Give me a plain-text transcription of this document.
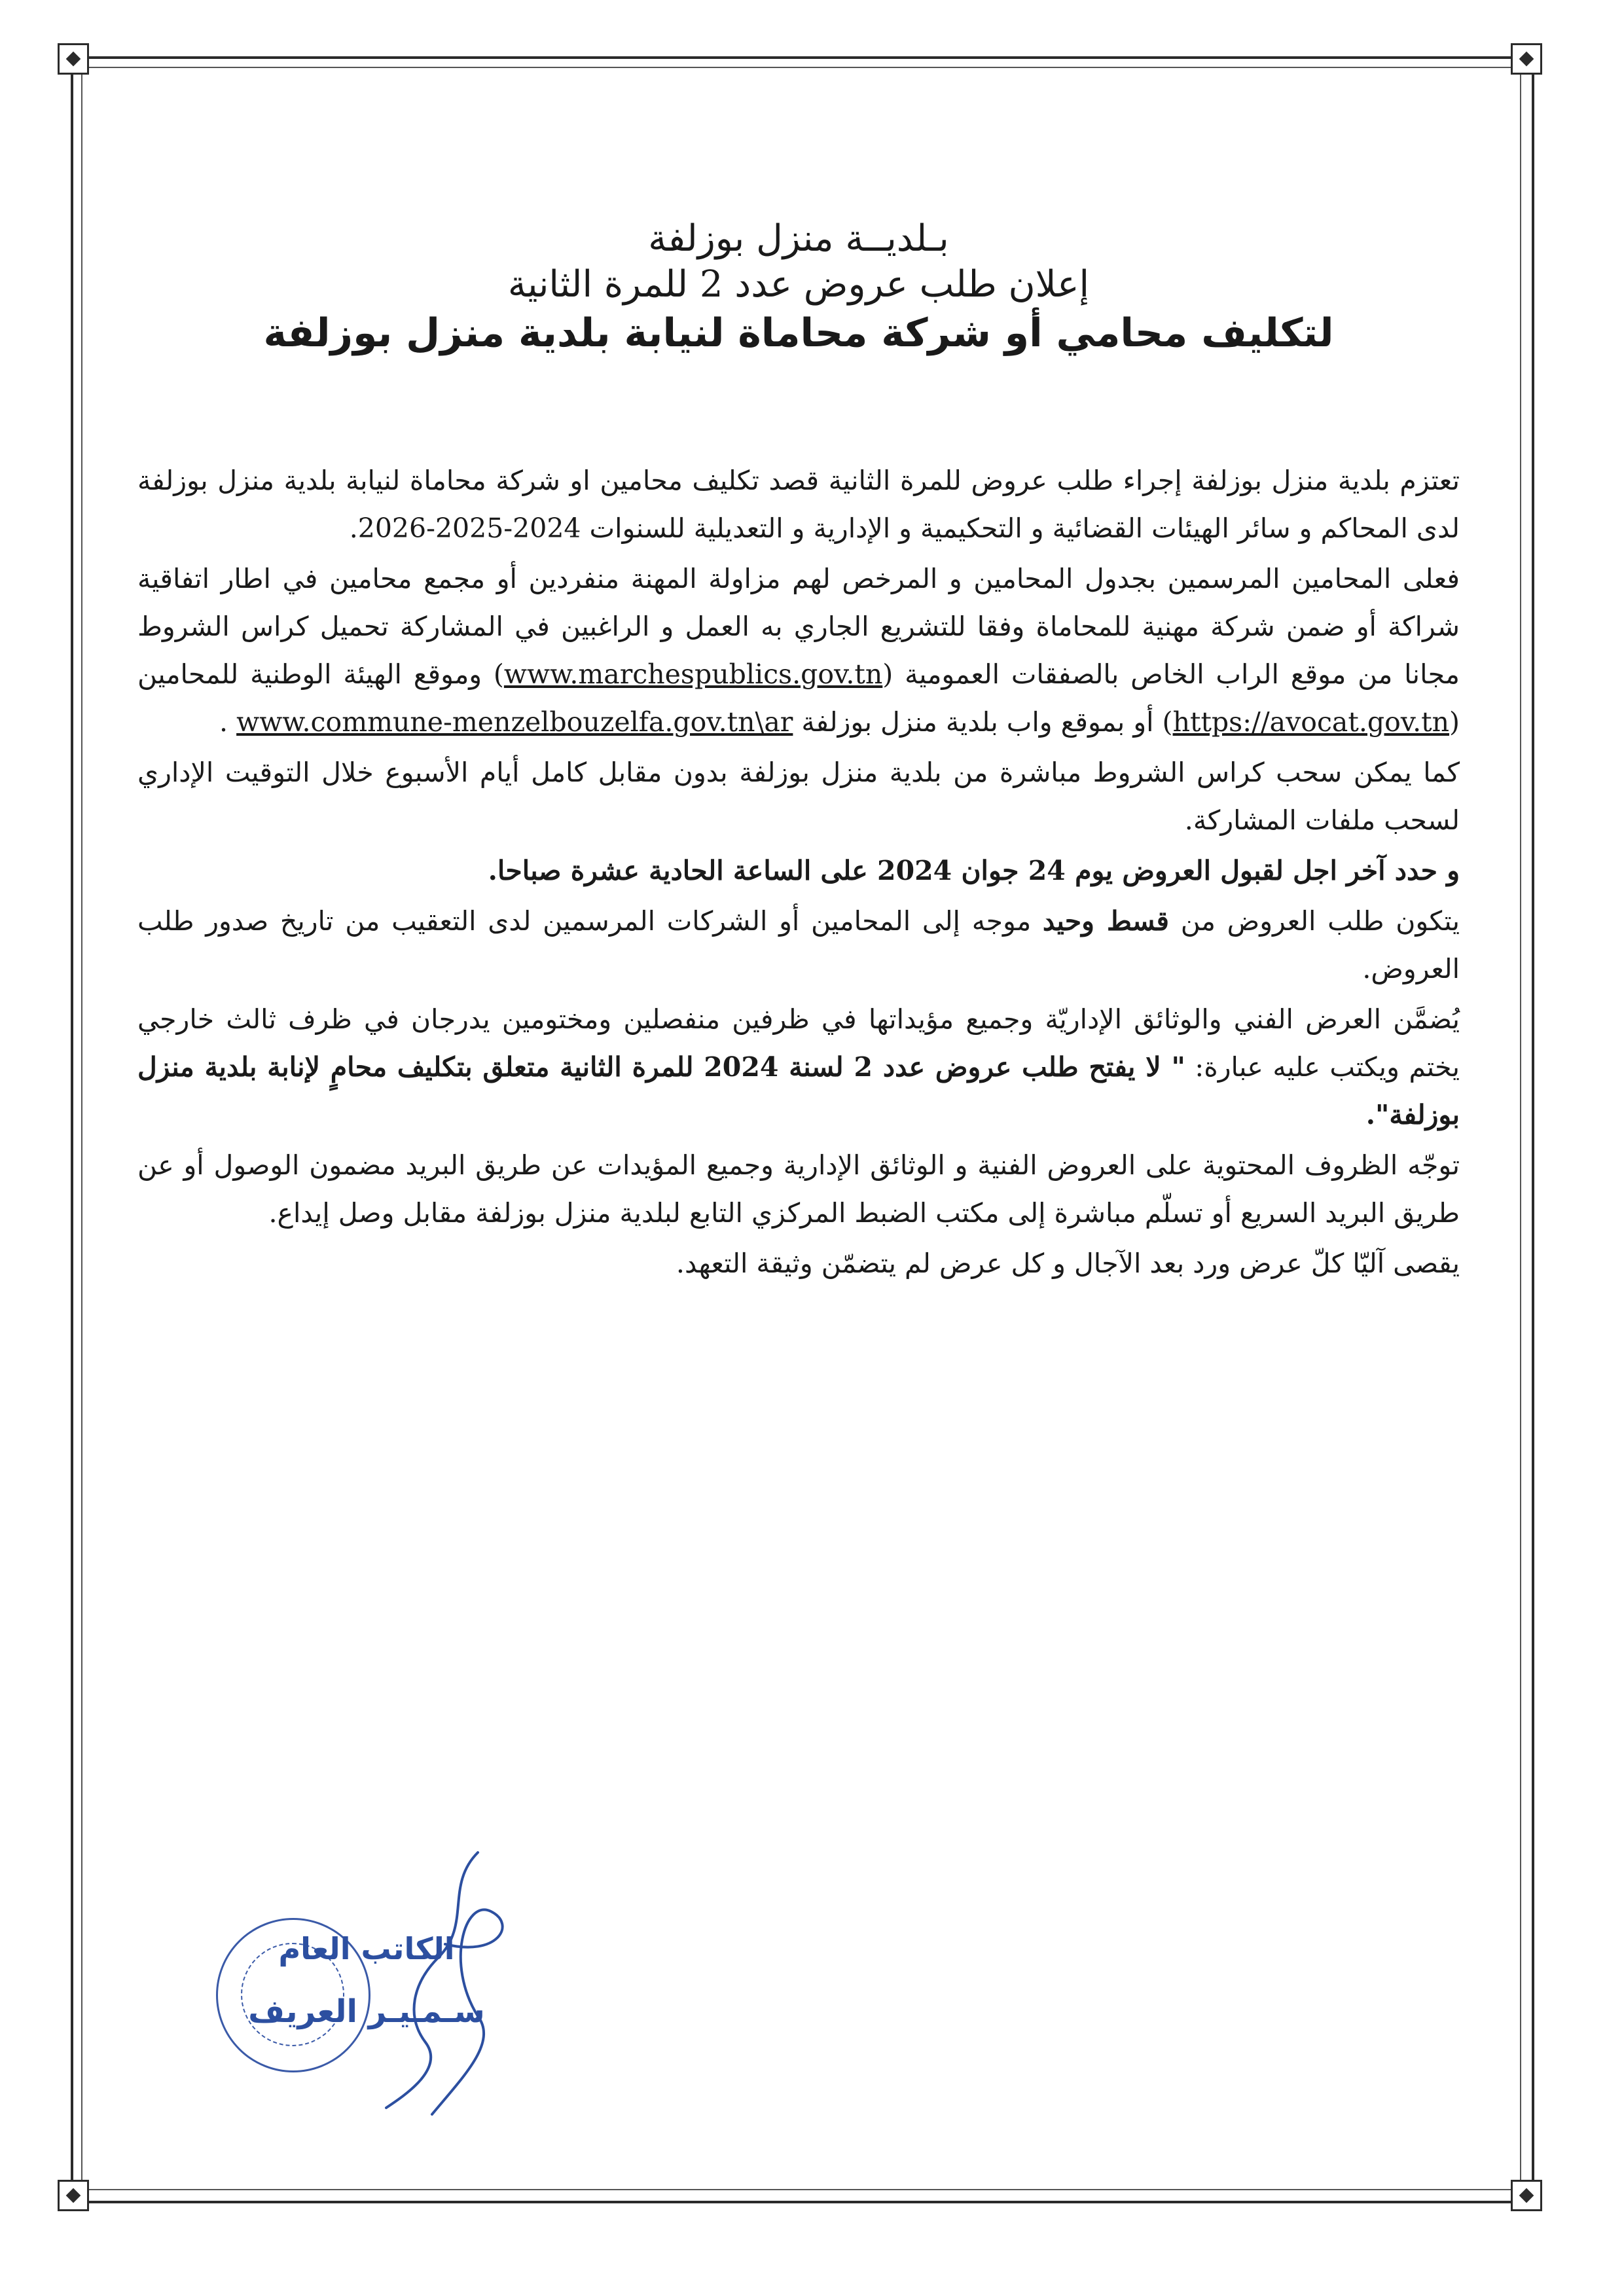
بـلديــة منزل بوزلفة
إعلان طلب عروض عدد 2 للمرة الثانية
لتكليف محامي أو شركة محاماة لنيابة بلدية منزل بوزلفة

تعتزم بلدية منزل بوزلفة إجراء طلب عروض للمرة الثانية قصد تكليف محامين او شركة محاماة لنيابة بلدية منزل بوزلفة لدى المحاكم و سائر الهيئات القضائية و التحكيمية و الإدارية و التعديلية للسنوات 2024-2025-2026.

فعلى المحامين المرسمين بجدول المحامين و المرخص لهم مزاولة المهنة منفردين أو مجمع محامين في اطار اتفاقية شراكة أو ضمن شركة مهنية للمحاماة وفقا للتشريع الجاري به العمل و الراغبين في المشاركة تحميل كراس الشروط مجانا من موقع الراب الخاص بالصفقات العمومية (www.marchespublics.gov.tn) وموقع الهيئة الوطنية للمحامين (https://avocat.gov.tn) أو بموقع واب بلدية منزل بوزلفة www.commune-menzelbouzelfa.gov.tn\ar .

كما يمكن سحب كراس الشروط مباشرة من بلدية منزل بوزلفة بدون مقابل كامل أيام الأسبوع خلال التوقيت الإداري لسحب ملفات المشاركة.

و حدد آخر اجل لقبول العروض يوم 24 جوان 2024 على الساعة الحادية عشرة صباحا.

يتكون طلب العروض من قسط وحيد موجه إلى المحامين أو الشركات المرسمين لدى التعقيب من تاريخ صدور طلب العروض.

يُضمَّن العرض الفني والوثائق الإداريّة وجميع مؤيداتها في ظرفين منفصلين ومختومين يدرجان في ظرف ثالث خارجي يختم ويكتب عليه عبارة: " لا يفتح طلب عروض عدد 2 لسنة 2024 للمرة الثانية متعلق بتكليف محامٍ لإنابة بلدية منزل بوزلفة".

توجّه الظروف المحتوية على العروض الفنية و الوثائق الإدارية وجميع المؤيدات عن طريق البريد مضمون الوصول أو عن طريق البريد السريع أو تسلّم مباشرة إلى مكتب الضبط المركزي التابع لبلدية منزل بوزلفة مقابل وصل إيداع.

يقصى آليّا كلّ عرض ورد بعد الآجال و كل عرض لم يتضمّن وثيقة التعهد.

الكاتب العام
سـمـيـر العريف
